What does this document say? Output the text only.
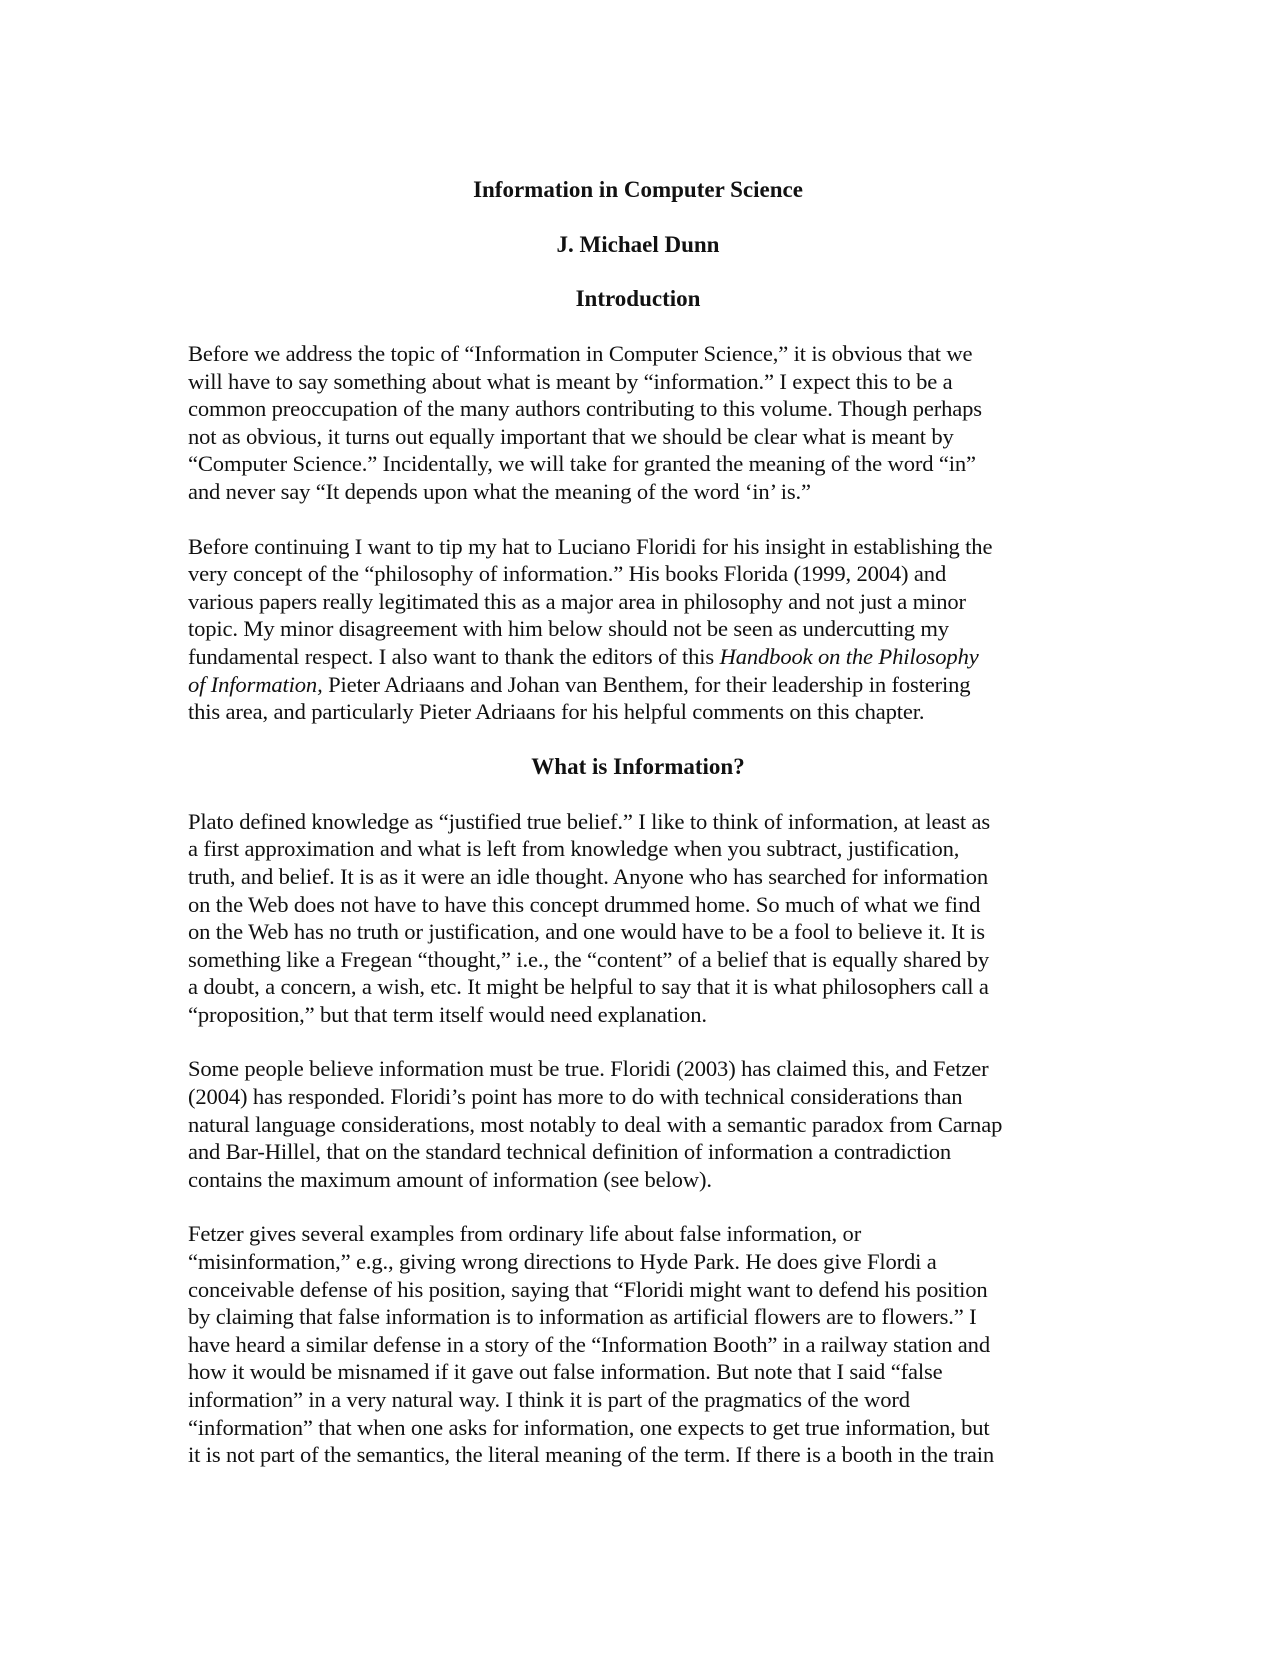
Information in Computer Science
J. Michael Dunn
Introduction

Before we address the topic of “Information in Computer Science,” it is obvious that we
will have to say something about what is meant by “information.” I expect this to be a
common preoccupation of the many authors contributing to this volume. Though perhaps
not as obvious, it turns out equally important that we should be clear what is meant by
“Computer Science.” Incidentally, we will take for granted the meaning of the word “in”
and never say “It depends upon what the meaning of the word ‘in’ is.”

Before continuing I want to tip my hat to Luciano Floridi for his insight in establishing the
very concept of the “philosophy of information.” His books Florida (1999, 2004) and
various papers really legitimated this as a major area in philosophy and not just a minor
topic. My minor disagreement with him below should not be seen as undercutting my
fundamental respect. I also want to thank the editors of this Handbook on the Philosophy
of Information, Pieter Adriaans and Johan van Benthem, for their leadership in fostering
this area, and particularly Pieter Adriaans for his helpful comments on this chapter.

What is Information?

Plato defined knowledge as “justified true belief.” I like to think of information, at least as
a first approximation and what is left from knowledge when you subtract, justification,
truth, and belief. It is as it were an idle thought. Anyone who has searched for information
on the Web does not have to have this concept drummed home. So much of what we find
on the Web has no truth or justification, and one would have to be a fool to believe it. It is
something like a Fregean “thought,” i.e., the “content” of a belief that is equally shared by
a doubt, a concern, a wish, etc. It might be helpful to say that it is what philosophers call a
“proposition,” but that term itself would need explanation.

Some people believe information must be true. Floridi (2003) has claimed this, and Fetzer
(2004) has responded. Floridi’s point has more to do with technical considerations than
natural language considerations, most notably to deal with a semantic paradox from Carnap
and Bar-Hillel, that on the standard technical definition of information a contradiction
contains the maximum amount of information (see below).

Fetzer gives several examples from ordinary life about false information, or
“misinformation,” e.g., giving wrong directions to Hyde Park. He does give Flordi a
conceivable defense of his position, saying that “Floridi might want to defend his position
by claiming that false information is to information as artificial flowers are to flowers.” I
have heard a similar defense in a story of the “Information Booth” in a railway station and
how it would be misnamed if it gave out false information. But note that I said “false
information” in a very natural way. I think it is part of the pragmatics of the word
“information” that when one asks for information, one expects to get true information, but
it is not part of the semantics, the literal meaning of the term. If there is a booth in the train
